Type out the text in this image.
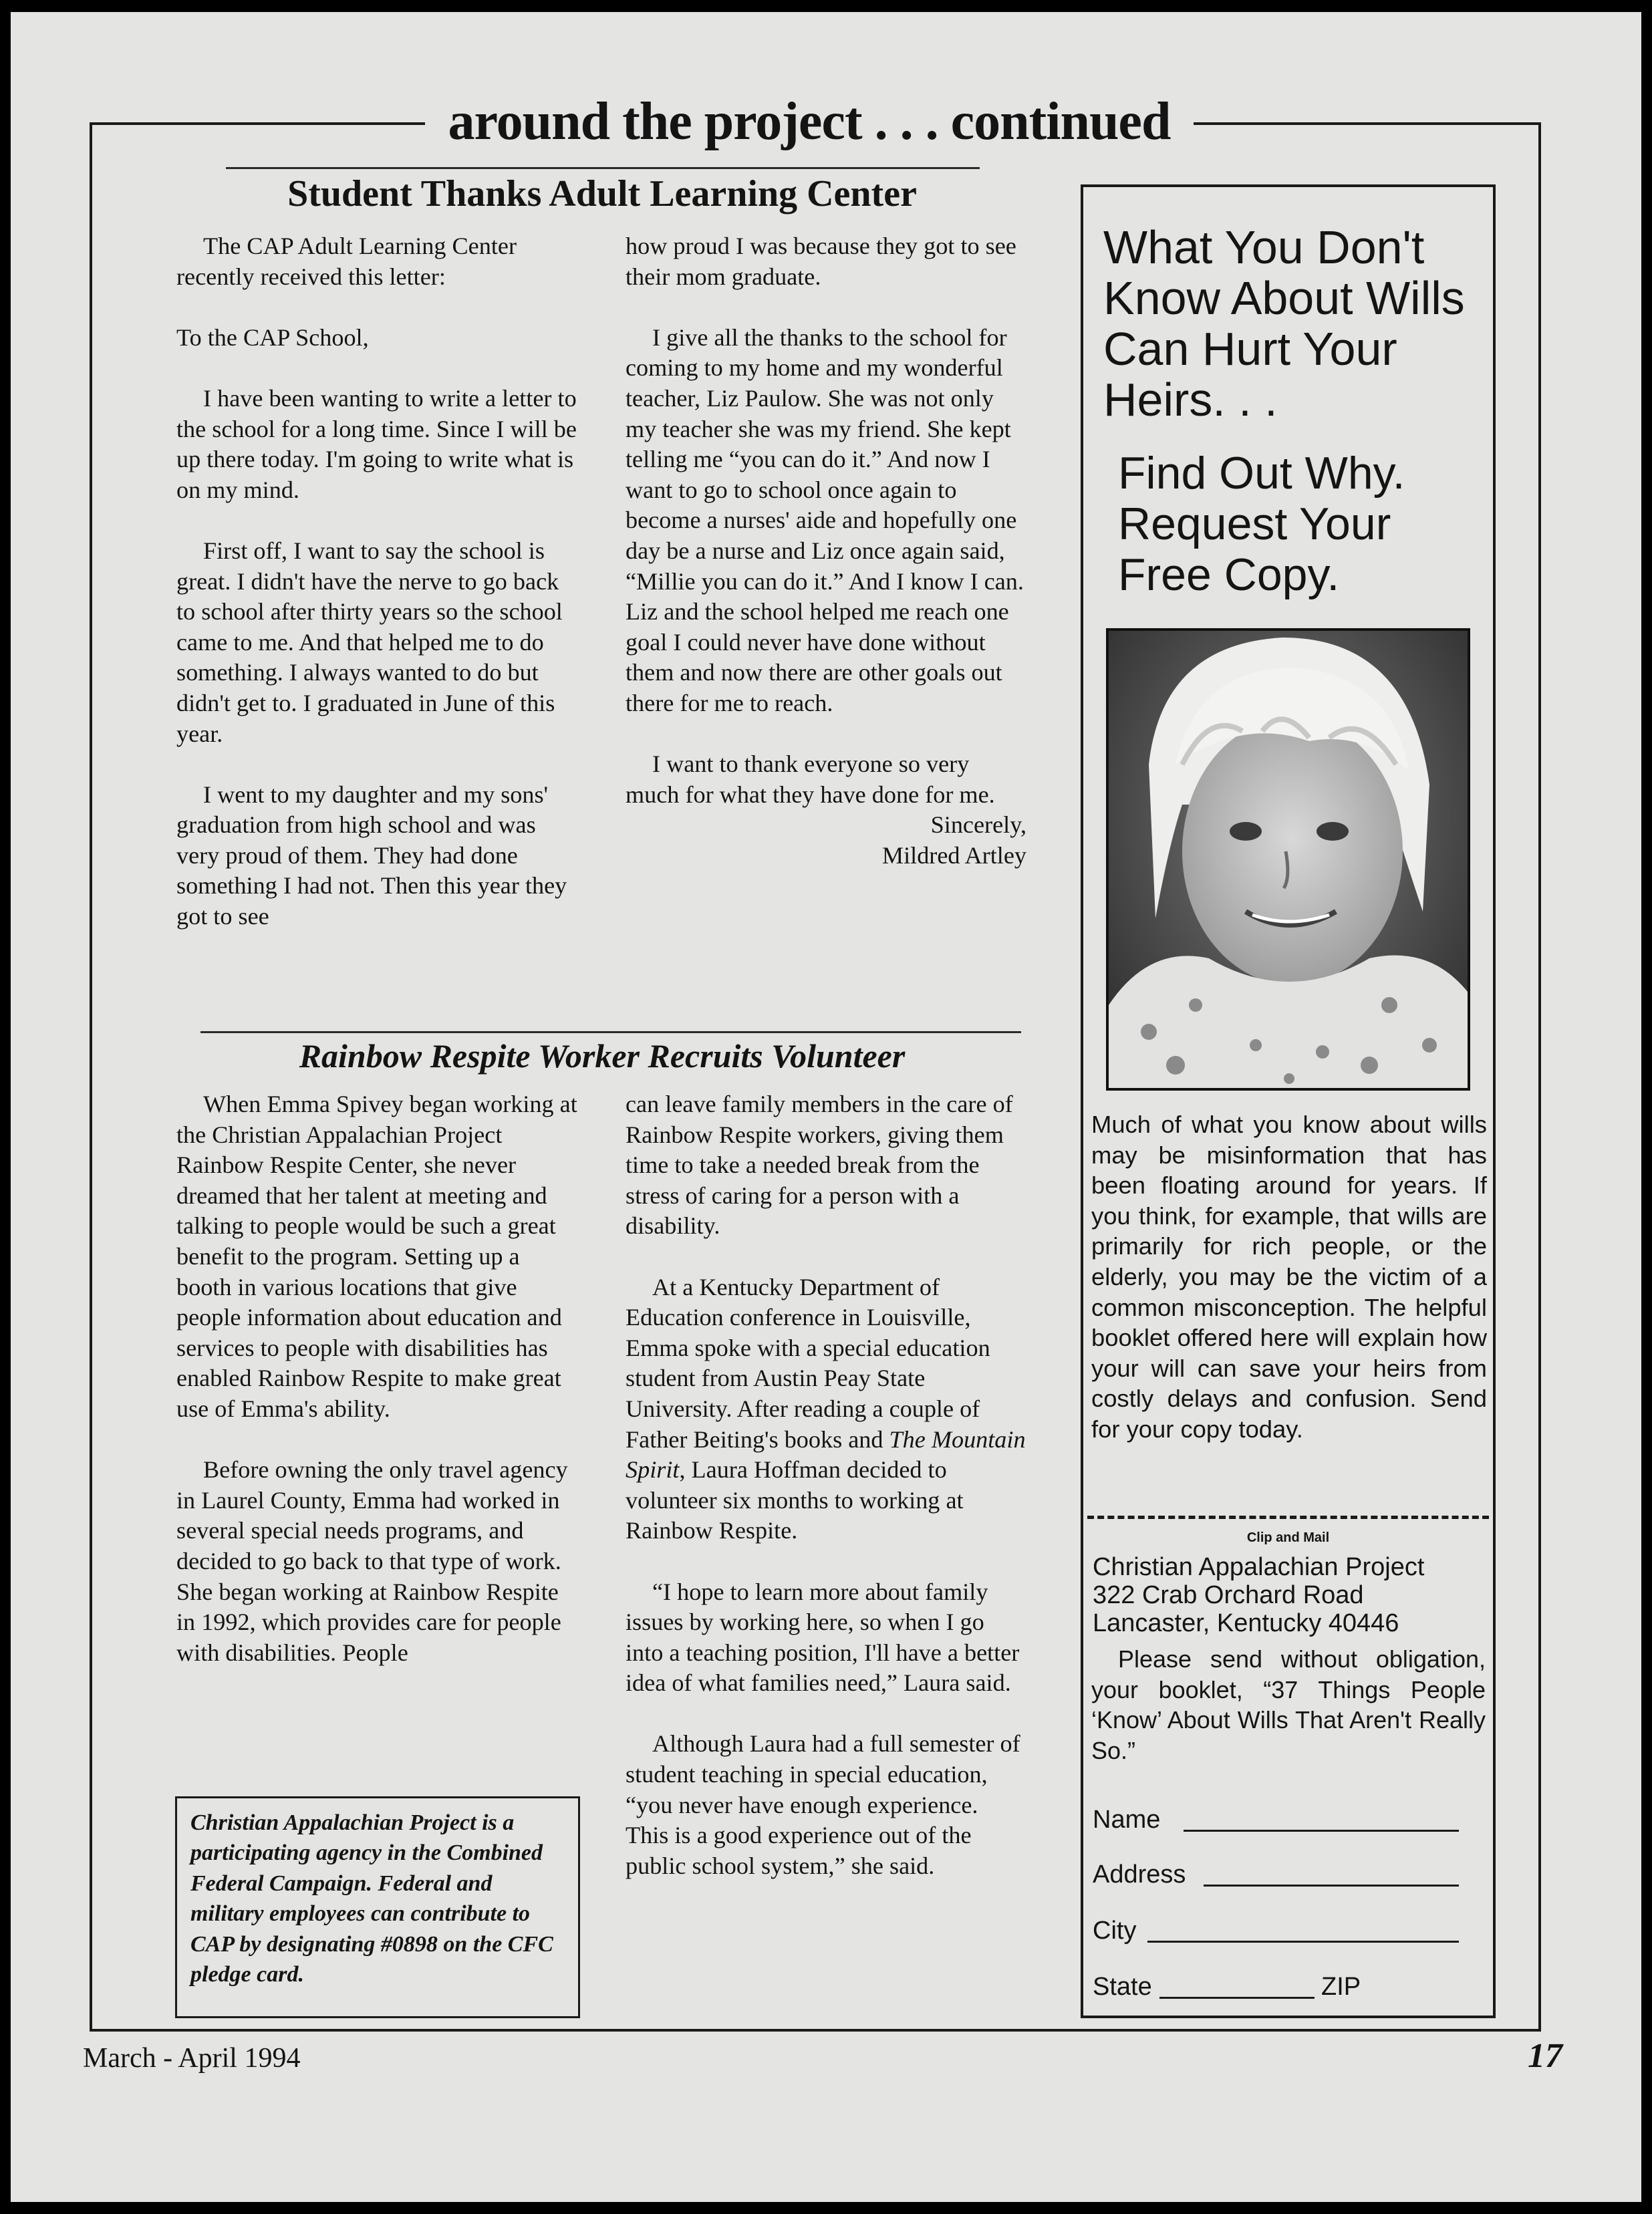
around the project . . . continued
Student Thanks Adult Learning Center

The CAP Adult Learning Center recently received this letter:

To the CAP School,

I have been wanting to write a letter to the school for a long time. Since I will be up there today. I'm going to write what is on my mind.

First off, I want to say the school is great. I didn't have the nerve to go back to school after thirty years so the school came to me. And that helped me to do something. I always wanted to do but didn't get to. I graduated in June of this year.

I went to my daughter and my sons' graduation from high school and was very proud of them. They had done something I had not. Then this year they got to see

how proud I was because they got to see their mom graduate.

I give all the thanks to the school for coming to my home and my wonderful teacher, Liz Paulow. She was not only my teacher she was my friend. She kept telling me “you can do it.” And now I want to go to school once again to become a nurses' aide and hopefully one day be a nurse and Liz once again said, “Millie you can do it.” And I know I can. Liz and the school helped me reach one goal I could never have done without them and now there are other goals out there for me to reach.

I want to thank everyone so very much for what they have done for me.

Sincerely,

Mildred Artley

Rainbow Respite Worker Recruits Volunteer

When Emma Spivey began working at the Christian Appalachian Project Rainbow Respite Center, she never dreamed that her talent at meeting and talking to people would be such a great benefit to the program. Setting up a booth in various locations that give people information about education and services to people with disabilities has enabled Rainbow Respite to make great use of Emma's ability.

Before owning the only travel agency in Laurel County, Emma had worked in several special needs programs, and decided to go back to that type of work. She began working at Rainbow Respite in 1992, which provides care for people with disabilities. People

Christian Appalachian Project is a participating agency in the Combined Federal Campaign. Federal and military employees can contribute to CAP by designating #0898 on the CFC pledge card.

can leave family members in the care of Rainbow Respite workers, giving them time to take a needed break from the stress of caring for a person with a disability.

At a Kentucky Department of Education conference in Louisville, Emma spoke with a special education student from Austin Peay State University. After reading a couple of Father Beiting's books and The Mountain Spirit, Laura Hoffman decided to volunteer six months to working at Rainbow Respite.

“I hope to learn more about family issues by working here, so when I go into a teaching position, I'll have a better idea of what families need,” Laura said.

Although Laura had a full semester of student teaching in special education, “you never have enough experience. This is a good experience out of the public school system,” she said.

What You Don't Know About Wills Can Hurt Your Heirs. . .
Find Out Why. Request Your Free Copy.
Much of what you know about wills may be misinformation that has been floating around for years. If you think, for example, that wills are primarily for rich people, or the elderly, you may be the victim of a common misconception. The helpful booklet offered here will explain how your will can save your heirs from costly delays and confusion. Send for your copy today.
Clip and Mail
Christian Appalachian Project
322 Crab Orchard Road
Lancaster, Kentucky 40446
Please send without obligation, your booklet, “37 Things People ‘Know’ About Wills That Aren't Really So.”
Name
Address
City
State	ZIP
March - April 1994	17
